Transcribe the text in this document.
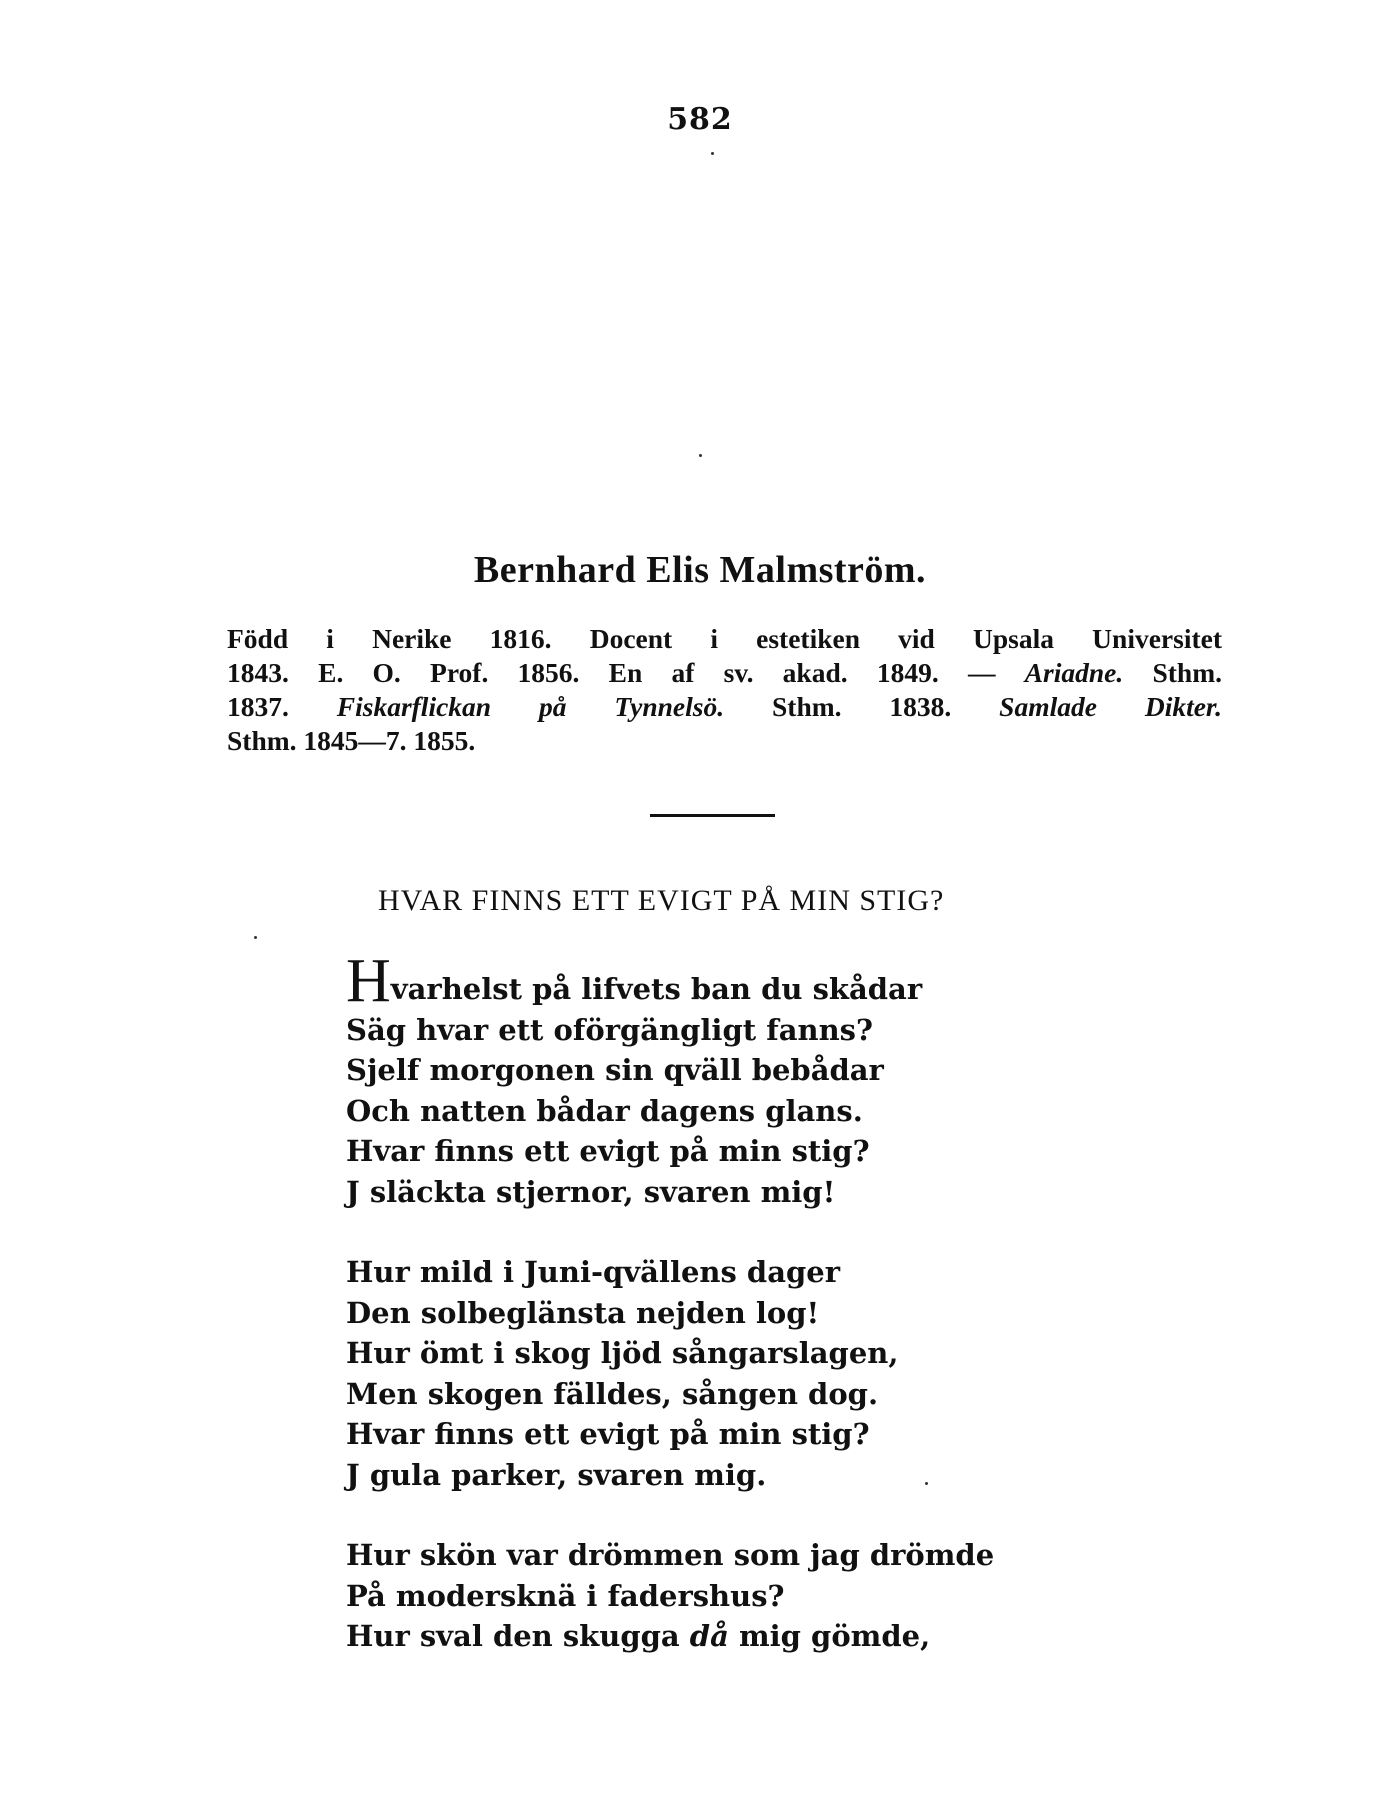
582
Bernhard Elis Malmström.
Född i Nerike 1816. Docent i estetiken vid Upsala Universitet
1843. E. O. Prof. 1856. En af sv. akad. 1849. — Ariadne. Sthm.
1837. Fiskarflickan på Tynnelsö. Sthm. 1838. Samlade Dikter.
Sthm. 1845—7. 1855.
HVAR FINNS ETT EVIGT PÅ MIN STIG?
Hvarhelst på lifvets ban du skådar
Säg hvar ett oförgängligt fanns?
Sjelf morgonen sin qväll bebådar
Och natten bådar dagens glans.
Hvar finns ett evigt på min stig?
J släckta stjernor, svaren mig!
Hur mild i Juni-qvällens dager
Den solbeglänsta nejden log!
Hur ömt i skog ljöd sångarslagen,
Men skogen fälldes, sången dog.
Hvar finns ett evigt på min stig?
J gula parker, svaren mig.
Hur skön var drömmen som jag drömde
På modersknä i fadershus?
Hur sval den skugga då mig gömde,
